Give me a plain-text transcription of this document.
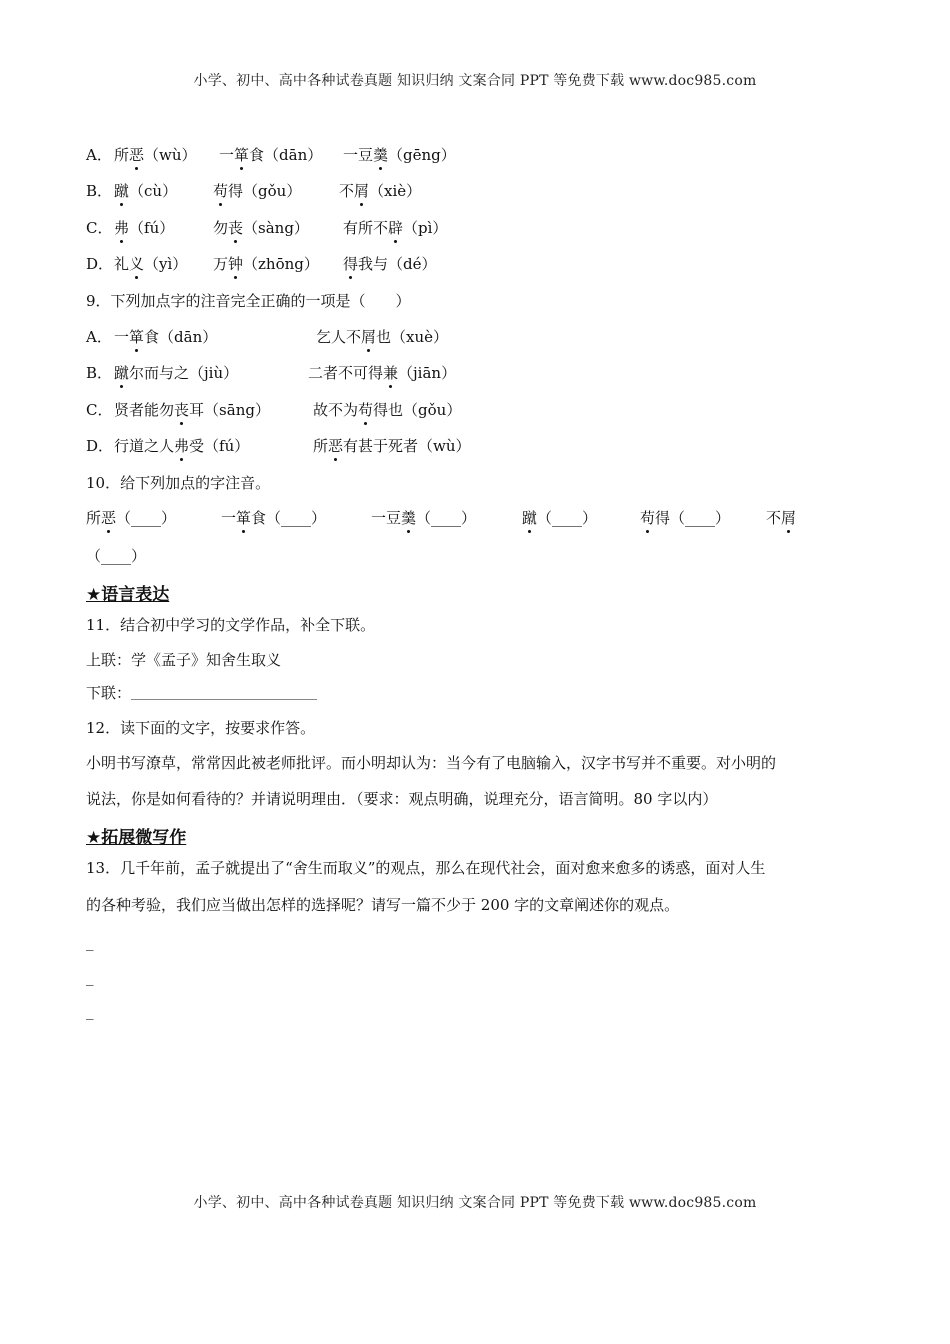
小学、初中、高中各种试卷真题 知识归纳 文案合同 PPT 等免费下载 www.doc985.com
A． 所恶（wù） 一箪食（dān） 一豆羹（gēng）
B． 蹴（cù） 苟得（gǒu）	不屑（xiè）
C． 弗（fú）	勿丧（sàng） 有所不辟（pì）
D． 礼义（yì） 万钟（zhōng） 得我与（dé）
9．下列加点字的注音完全正确的一项是（　　）
A． 一箪食（dān）	乞人不屑也（xuè）
B． 蹴尔而与之（jiù）	二者不可得兼（jiān）
C． 贤者能勿丧耳（sāng）	故不为苟得也（gǒu）
D． 行道之人弗受（fú）	所恶有甚于死者（wù）
10．给下列加点的字注音。
所恶（____）	一箪食（____）	一豆羹（____）	蹴（____）	苟得（____） 不屑
（____）
★语言表达
11．结合初中学习的文学作品，补全下联。
上联：学《孟子》知舍生取义
下联：
12．读下面的文字，按要求作答。
小明书写潦草，常常因此被老师批评。而小明却认为：当今有了电脑输入，汉字书写并不重要。对小明的
说法，你是如何看待的？并请说明理由．（要求：观点明确，说理充分，语言简明。80 字以内）
★拓展微写作
13．几千年前，孟子就提出了“舍生而取义”的观点，那么在现代社会，面对愈来愈多的诱惑，面对人生
的各种考验，我们应当做出怎样的选择呢？请写一篇不少于 200 字的文章阐述你的观点。
_
_
_
小学、初中、高中各种试卷真题 知识归纳 文案合同 PPT 等免费下载 www.doc985.com
